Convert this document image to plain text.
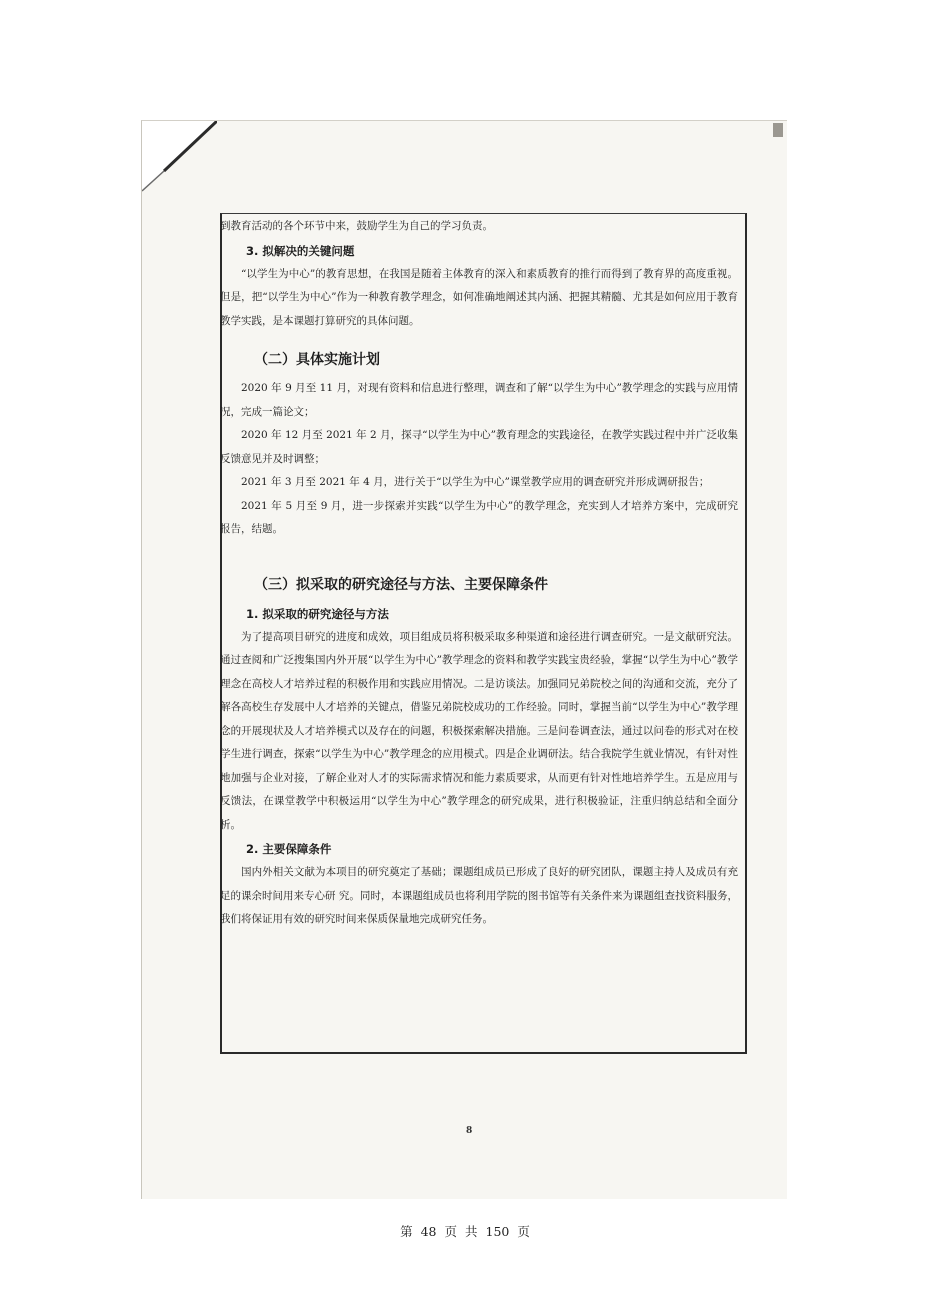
到教育活动的各个环节中来，鼓励学生为自己的学习负责。

3. 拟解决的关键问题

“以学生为中心”的教育思想，在我国是随着主体教育的深入和素质教育的推行而得到了教育界的高度重视。但是，把“以学生为中心”作为一种教育教学理念，如何准确地阐述其内涵、把握其精髓、尤其是如何应用于教育教学实践，是本课题打算研究的具体问题。

（二）具体实施计划

2020 年 9 月至 11 月，对现有资料和信息进行整理，调查和了解“以学生为中心”教学理念的实践与应用情况，完成一篇论文；

2020 年 12 月至 2021 年 2 月，探寻“以学生为中心”教育理念的实践途径，在教学实践过程中并广泛收集反馈意见并及时调整；

2021 年 3 月至 2021 年 4 月，进行关于“以学生为中心”课堂教学应用的调查研究并形成调研报告；

2021 年 5 月至 9 月，进一步探索并实践“以学生为中心”的教学理念，充实到人才培养方案中，完成研究报告，结题。

（三）拟采取的研究途径与方法、主要保障条件
1. 拟采取的研究途径与方法

为了提高项目研究的进度和成效，项目组成员将积极采取多种渠道和途径进行调查研究。一是文献研究法。通过查阅和广泛搜集国内外开展“以学生为中心”教学理念的资料和教学实践宝贵经验，掌握“以学生为中心”教学理念在高校人才培养过程的积极作用和实践应用情况。二是访谈法。加强同兄弟院校之间的沟通和交流，充分了解各高校生存发展中人才培养的关键点，借鉴兄弟院校成功的工作经验。同时，掌握当前“以学生为中心”教学理念的开展现状及人才培养模式以及存在的问题，积极探索解决措施。三是问卷调查法，通过以问卷的形式对在校学生进行调查，探索“以学生为中心”教学理念的应用模式。四是企业调研法。结合我院学生就业情况，有针对性地加强与企业对接，了解企业对人才的实际需求情况和能力素质要求，从而更有针对性地培养学生。五是应用与反馈法，在课堂教学中积极运用“以学生为中心”教学理念的研究成果，进行积极验证，注重归纳总结和全面分析。

2. 主要保障条件

国内外相关文献为本项目的研究奠定了基础；课题组成员已形成了良好的研究团队，课题主持人及成员有充足的课余时间用来专心研 究。同时，本课题组成员也将利用学院的图书馆等有关条件来为课题组查找资料服务，我们将保证用有效的研究时间来保质保量地完成研究任务。

8
第 48 页 共 150 页
